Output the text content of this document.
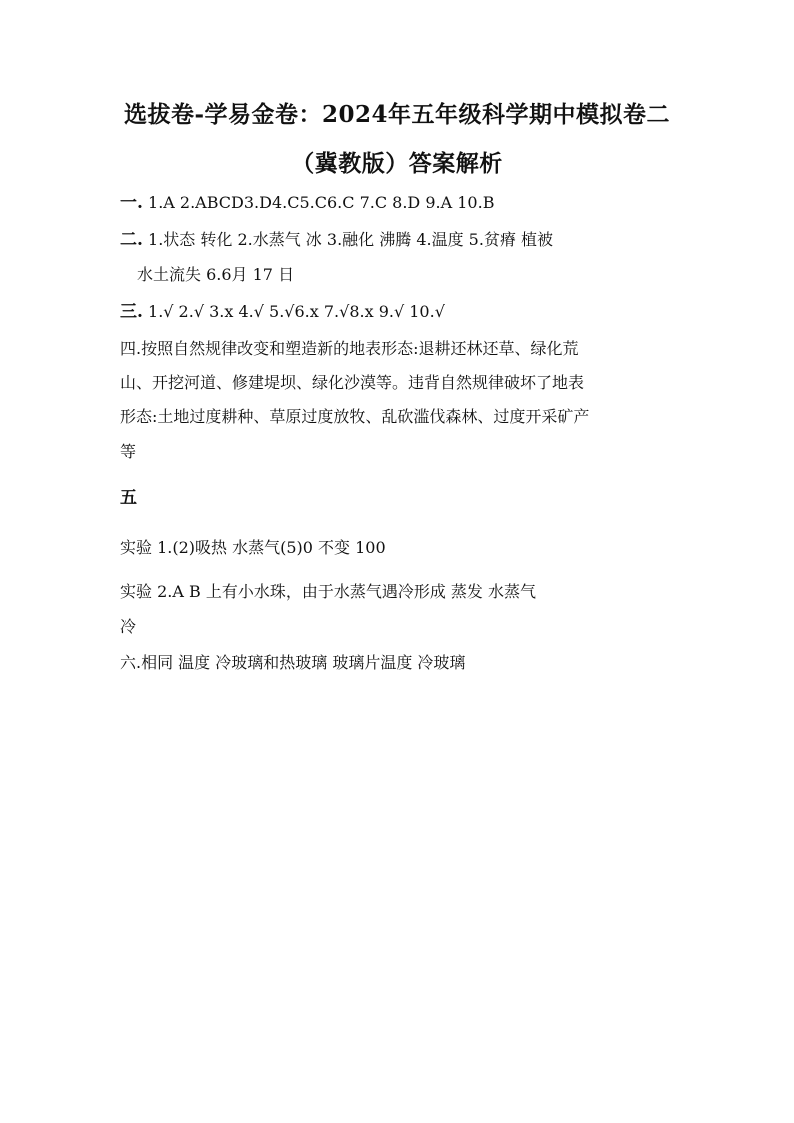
选拔卷-学易金卷：2024年五年级科学期中模拟卷二
（冀教版）答案解析
一. 1.A 2.ABCD3.D4.C5.C6.C 7.C 8.D 9.A 10.B
二. 1.状态 转化 2.水蒸气 冰 3.融化 沸腾 4.温度 5.贫瘠 植被
水土流失 6.6月 17 日
三. 1.√ 2.√ 3.x 4.√ 5.√6.x 7.√8.x 9.√ 10.√
四.按照自然规律改变和塑造新的地表形态:退耕还林还草、绿化荒
山、开挖河道、修建堤坝、绿化沙漠等。违背自然规律破坏了地表
形态:土地过度耕种、草原过度放牧、乱砍滥伐森林、过度开采矿产
等
五
实验 1.(2)吸热 水蒸气(5)0 不变 100
实验 2.A B 上有小水珠，由于水蒸气遇冷形成 蒸发 水蒸气
冷
六.相同 温度 冷玻璃和热玻璃 玻璃片温度 冷玻璃
